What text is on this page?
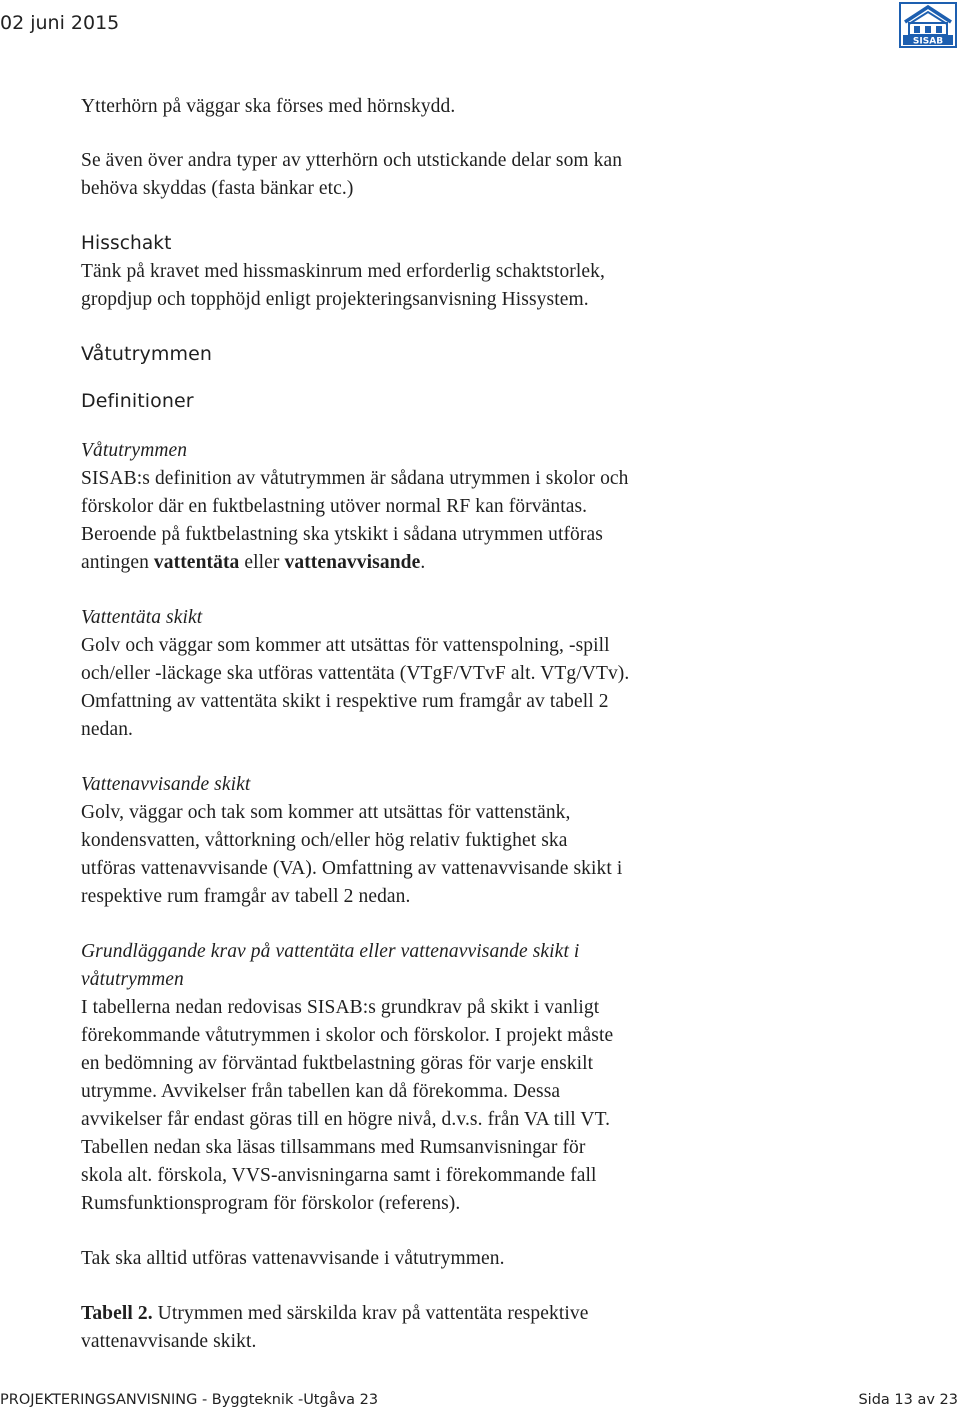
02 juni 2015
SISAB

Ytterhörn på väggar ska förses med hörnskydd.

Se även över andra typer av ytterhörn och utstickande delar som kan

behöva skyddas (fasta bänkar etc.)

Hisschakt

Tänk på kravet med hissmaskinrum med erforderlig schaktstorlek,

gropdjup och topphöjd enligt projekteringsanvisning Hissystem.

Våtutrymmen

Definitioner

Våtutrymmen

SISAB:s definition av våtutrymmen är sådana utrymmen i skolor och

förskolor där en fuktbelastning utöver normal RF kan förväntas.

Beroende på fuktbelastning ska ytskikt i sådana utrymmen utföras

antingen vattentäta eller vattenavvisande.

Vattentäta skikt

Golv och väggar som kommer att utsättas för vattenspolning, -spill

och/eller -läckage ska utföras vattentäta (VTgF/VTvF alt. VTg/VTv).

Omfattning av vattentäta skikt i respektive rum framgår av tabell 2

nedan.

Vattenavvisande skikt

Golv, väggar och tak som kommer att utsättas för vattenstänk,

kondensvatten, våttorkning och/eller hög relativ fuktighet ska

utföras vattenavvisande (VA). Omfattning av vattenavvisande skikt i

respektive rum framgår av tabell 2 nedan.

Grundläggande krav på vattentäta eller vattenavvisande skikt i

våtutrymmen

I tabellerna nedan redovisas SISAB:s grundkrav på skikt i vanligt

förekommande våtutrymmen i skolor och förskolor. I projekt måste

en bedömning av förväntad fuktbelastning göras för varje enskilt

utrymme. Avvikelser från tabellen kan då förekomma. Dessa

avvikelser får endast göras till en högre nivå, d.v.s. från VA till VT.

Tabellen nedan ska läsas tillsammans med Rumsanvisningar för

skola alt. förskola, VVS-anvisningarna samt i förekommande fall

Rumsfunktionsprogram för förskolor (referens).

Tak ska alltid utföras vattenavvisande i våtutrymmen.

Tabell 2. Utrymmen med särskilda krav på vattentäta respektive

vattenavvisande skikt.

PROJEKTERINGSANVISNING - Byggteknik -Utgåva 23	Sida 13 av 23
